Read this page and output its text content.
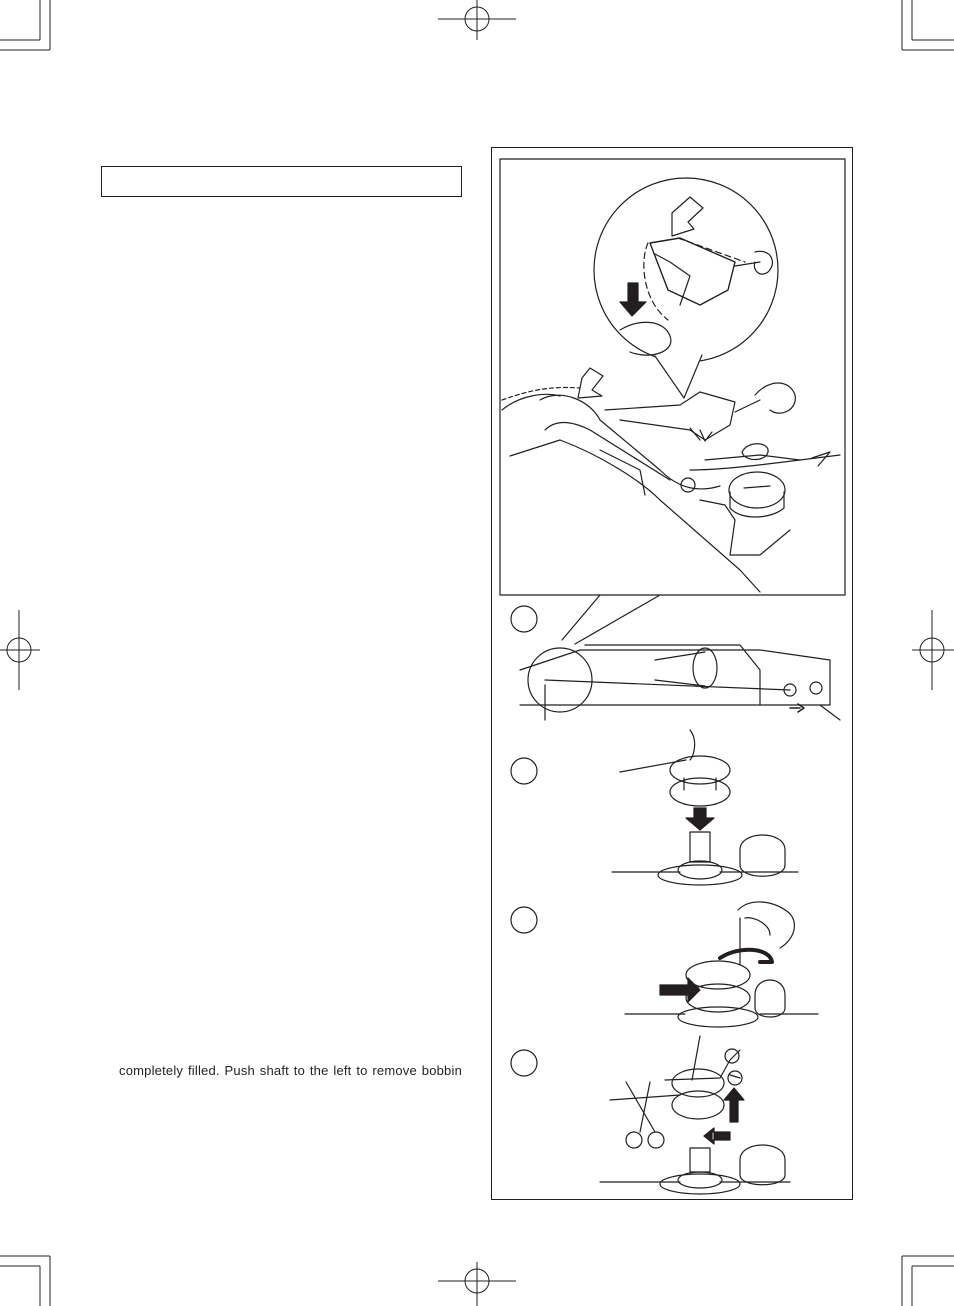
completely filled. Push shaft to the left to remove bobbin
